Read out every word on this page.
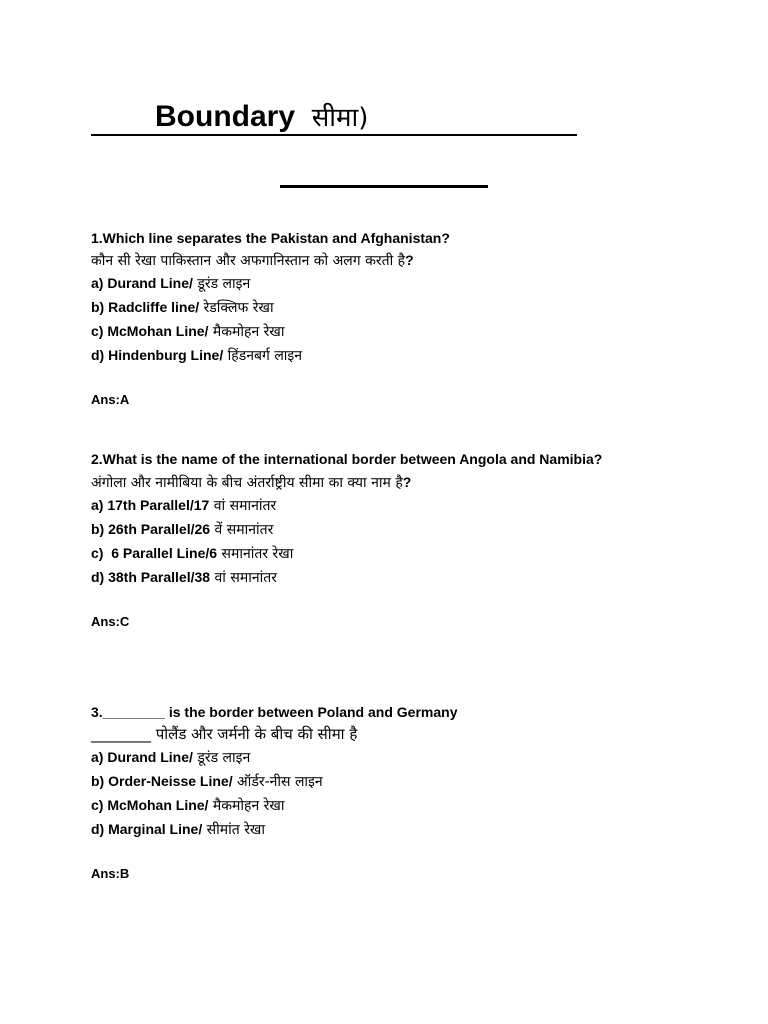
Boundary सीमा)
1.Which line separates the Pakistan and Afghanistan?
कौन सी रेखा पाकिस्तान और अफगानिस्तान को अलग करती है?
a) Durand Line/ डूरंड लाइन
b) Radcliffe line/ रेडक्लिफ रेखा
c) McMohan Line/ मैकमोहन रेखा
d) Hindenburg Line/ हिंडनबर्ग लाइन
Ans:A
2.What is the name of the international border between Angola and Namibia?
अंगोला और नामीबिया के बीच अंतर्राष्ट्रीय सीमा का क्या नाम है?
a) 17th Parallel/17 वां समानांतर
b) 26th Parallel/26 वें समानांतर
c)  6 Parallel Line/6 समानांतर रेखा
d) 38th Parallel/38 वां समानांतर
Ans:C
3.________ is the border between Poland and Germany
________ पोलैंड और जर्मनी के बीच की सीमा है
a) Durand Line/ डूरंड लाइन
b) Order-Neisse Line/ ऑर्डर-नीस लाइन
c) McMohan Line/ मैकमोहन रेखा
d) Marginal Line/ सीमांत रेखा
Ans:B
